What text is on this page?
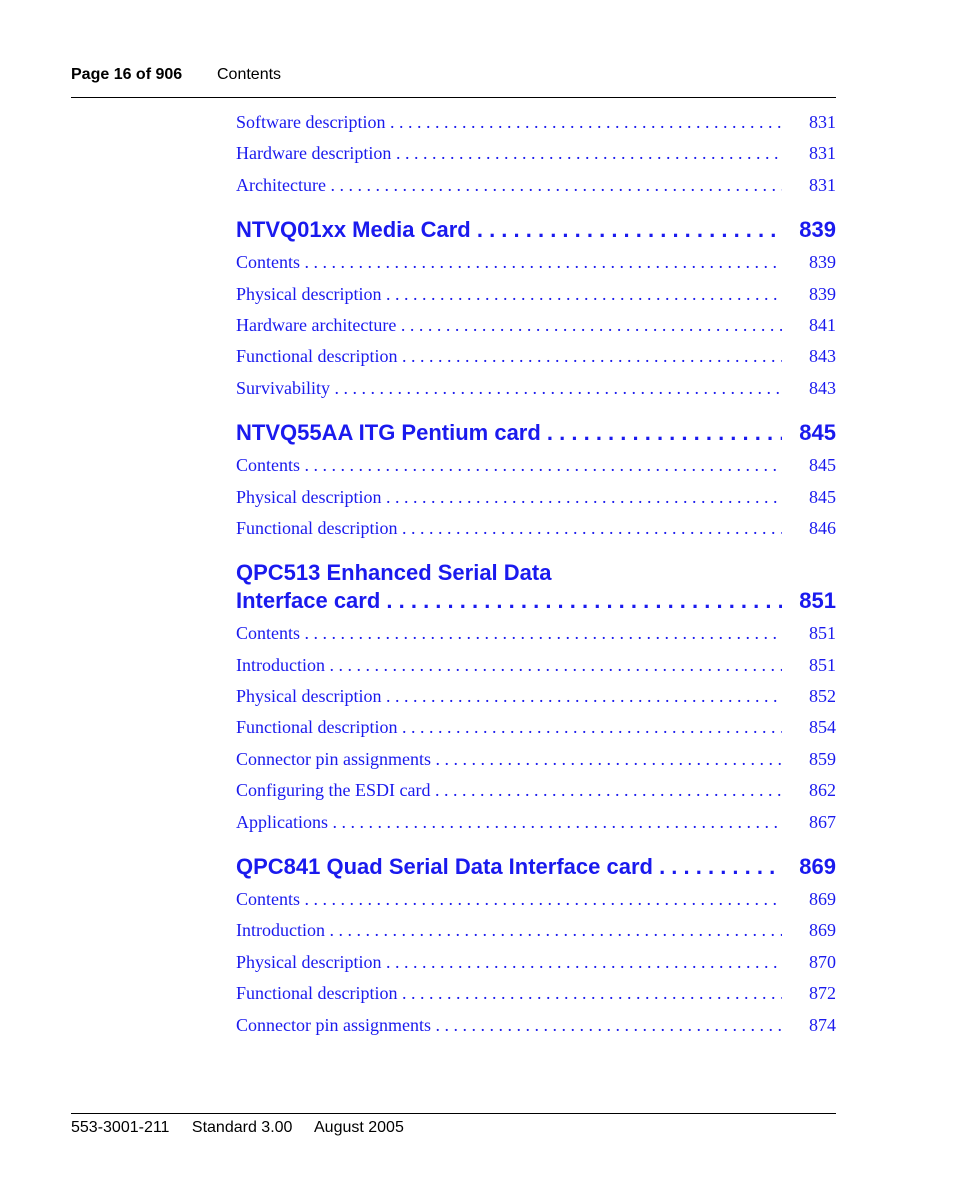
Page 16 of 906 Contents
Software description . . .	831
Hardware description . . .	831
Architecture . . .	831
NTVQ01xx Media Card . . .	839
Contents . . .	839
Physical description . . .	839
Hardware architecture . . .	841
Functional description . . .	843
Survivability . . .	843
NTVQ55AA ITG Pentium card . . .	845
Contents . . .	845
Physical description . . .	845
Functional description . . .	846
QPC513 Enhanced Serial Data
Interface card . . .	851
Contents . . .	851
Introduction . . .	851
Physical description . . .	852
Functional description . . .	854
Connector pin assignments . . .	859
Configuring the ESDI card . . .	862
Applications . . .	867
QPC841 Quad Serial Data Interface card . . .	869
Contents . . .	869
Introduction . . .	869
Physical description . . .	870
Functional description . . .	872
Connector pin assignments . . .	874
553-3001-211 Standard 3.00 August 2005
